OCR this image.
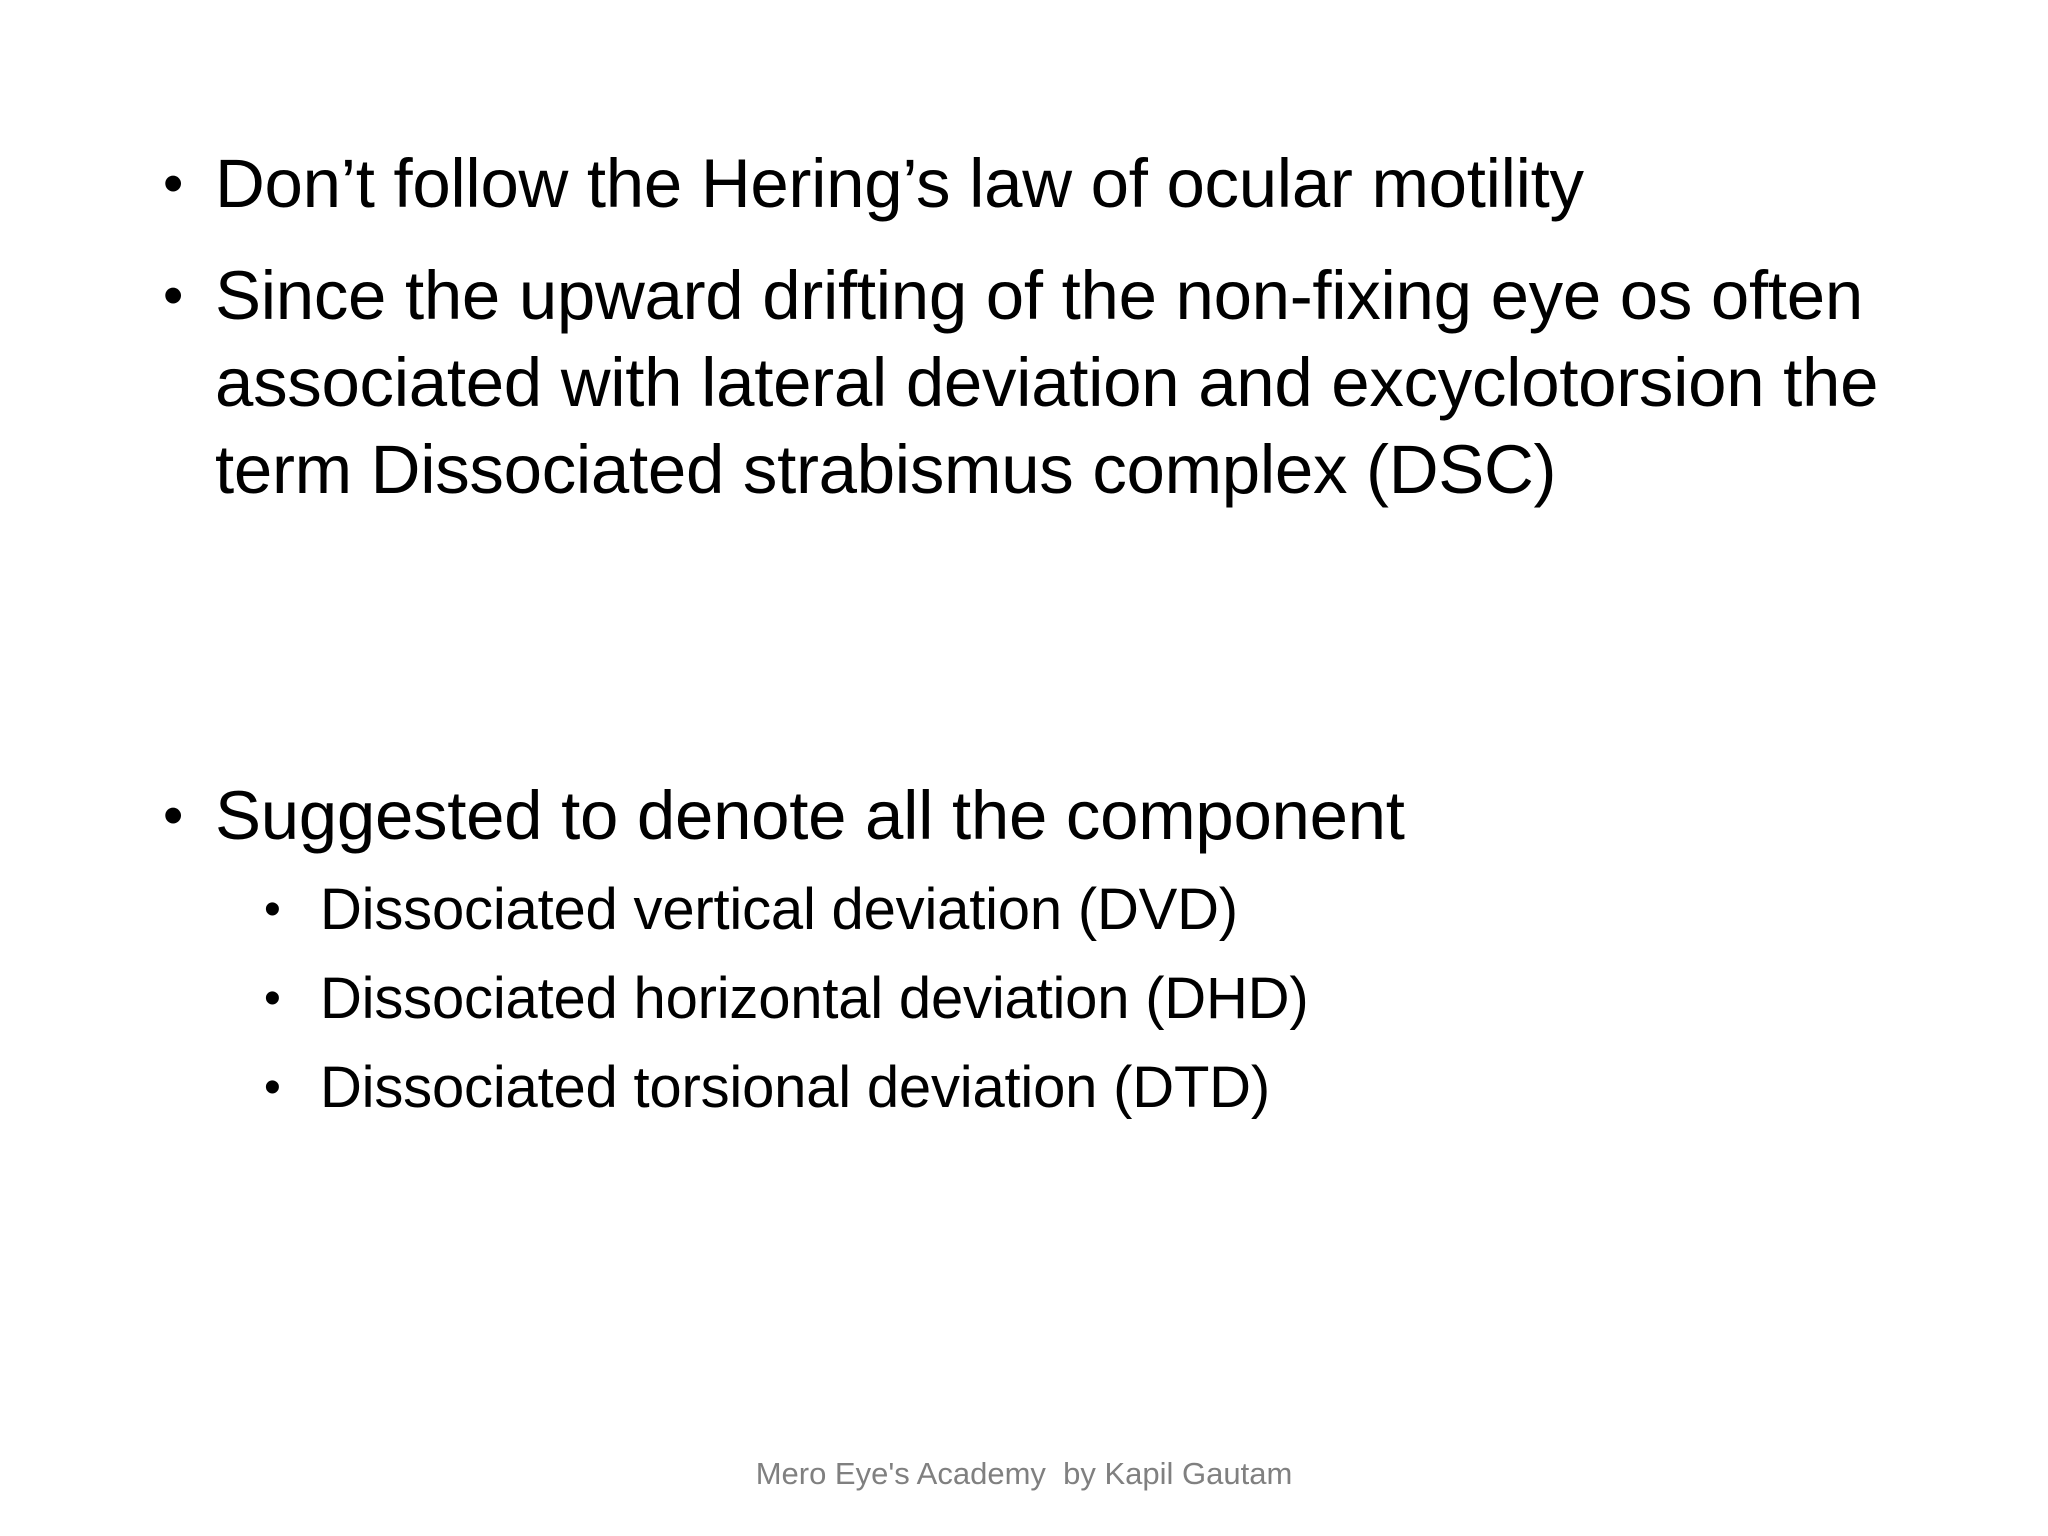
• Don’t follow the Hering’s law of ocular motility
• Since the upward drifting of the non-fixing eye os often associated with lateral deviation and excyclotorsion the term Dissociated strabismus complex (DSC)
• Suggested to denote all the component
• Dissociated vertical deviation (DVD)
• Dissociated horizontal deviation (DHD)
• Dissociated torsional deviation (DTD)
Mero Eye's Academy  by Kapil Gautam
